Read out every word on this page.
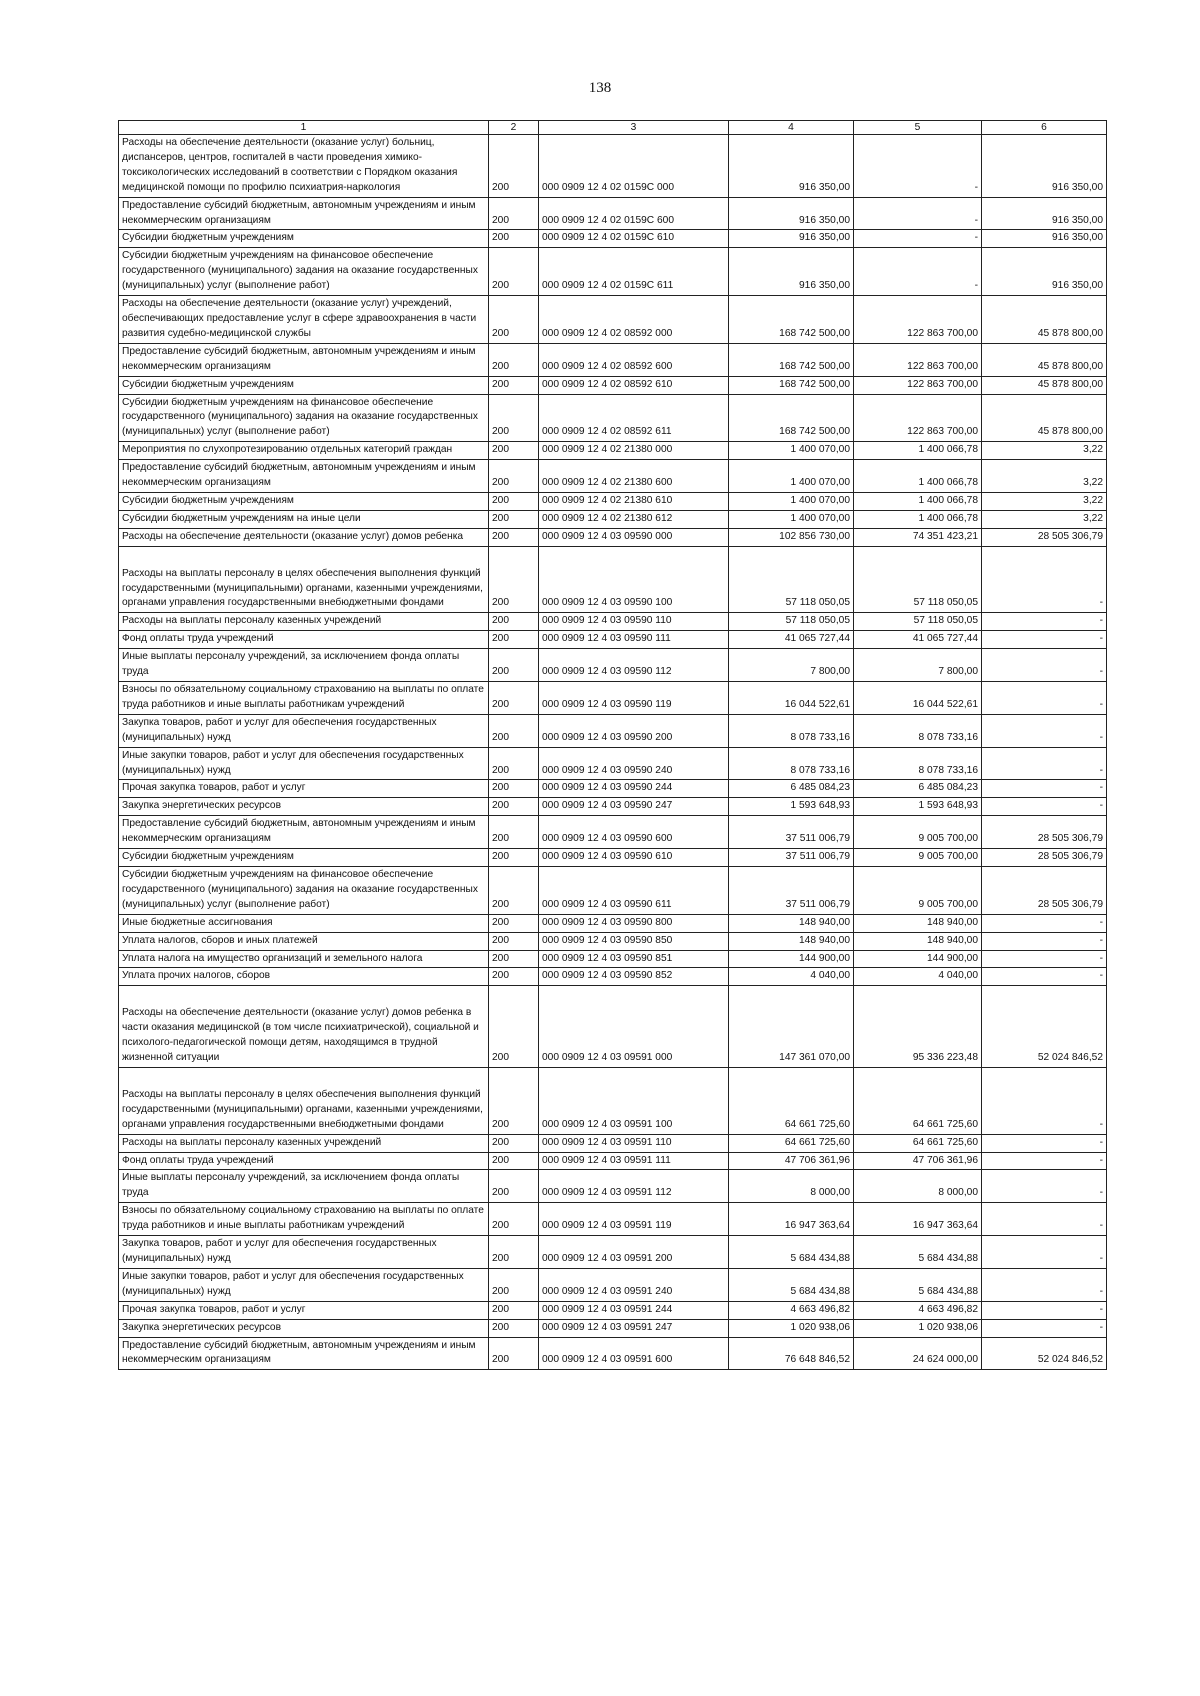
138
1	2	3	4	5	6
Расходы на обеспечение деятельности (оказание услуг) больниц, диспансеров, центров, госпиталей в части проведения химико-токсикологических исследований в соответствии с Порядком оказания медицинской помощи по профилю психиатрия-наркология	200	000 0909 12 4 02 0159C 000	916 350,00	-	916 350,00
Предоставление субсидий бюджетным, автономным учреждениям и иным некоммерческим организациям	200	000 0909 12 4 02 0159C 600	916 350,00	-	916 350,00
Субсидии бюджетным учреждениям	200	000 0909 12 4 02 0159C 610	916 350,00	-	916 350,00
Субсидии бюджетным учреждениям на финансовое обеспечение государственного (муниципального) задания на оказание государственных (муниципальных) услуг (выполнение работ)	200	000 0909 12 4 02 0159C 611	916 350,00	-	916 350,00
Расходы на обеспечение деятельности (оказание услуг) учреждений, обеспечивающих предоставление услуг в сфере здравоохранения в части развития судебно-медицинской службы	200	000 0909 12 4 02 08592 000	168 742 500,00	122 863 700,00	45 878 800,00
Предоставление субсидий бюджетным, автономным учреждениям и иным некоммерческим организациям	200	000 0909 12 4 02 08592 600	168 742 500,00	122 863 700,00	45 878 800,00
Субсидии бюджетным учреждениям	200	000 0909 12 4 02 08592 610	168 742 500,00	122 863 700,00	45 878 800,00
Субсидии бюджетным учреждениям на финансовое обеспечение государственного (муниципального) задания на оказание государственных (муниципальных) услуг (выполнение работ)	200	000 0909 12 4 02 08592 611	168 742 500,00	122 863 700,00	45 878 800,00
Мероприятия по слухопротезированию отдельных категорий граждан	200	000 0909 12 4 02 21380 000	1 400 070,00	1 400 066,78	3,22
Предоставление субсидий бюджетным, автономным учреждениям и иным некоммерческим организациям	200	000 0909 12 4 02 21380 600	1 400 070,00	1 400 066,78	3,22
Субсидии бюджетным учреждениям	200	000 0909 12 4 02 21380 610	1 400 070,00	1 400 066,78	3,22
Субсидии бюджетным учреждениям на иные цели	200	000 0909 12 4 02 21380 612	1 400 070,00	1 400 066,78	3,22
Расходы на обеспечение деятельности (оказание услуг) домов ребенка	200	000 0909 12 4 03 09590 000	102 856 730,00	74 351 423,21	28 505 306,79
Расходы на выплаты персоналу в целях обеспечения выполнения функций государственными (муниципальными) органами, казенными учреждениями, органами управления государственными внебюджетными фондами	200	000 0909 12 4 03 09590 100	57 118 050,05	57 118 050,05	-
Расходы на выплаты персоналу казенных учреждений	200	000 0909 12 4 03 09590 110	57 118 050,05	57 118 050,05	-
Фонд оплаты труда учреждений	200	000 0909 12 4 03 09590 111	41 065 727,44	41 065 727,44	-
Иные выплаты персоналу учреждений, за исключением фонда оплаты труда	200	000 0909 12 4 03 09590 112	7 800,00	7 800,00	-
Взносы по обязательному социальному страхованию на выплаты по оплате труда работников и иные выплаты работникам учреждений	200	000 0909 12 4 03 09590 119	16 044 522,61	16 044 522,61	-
Закупка товаров, работ и услуг для обеспечения государственных (муниципальных) нужд	200	000 0909 12 4 03 09590 200	8 078 733,16	8 078 733,16	-
Иные закупки товаров, работ и услуг для обеспечения государственных (муниципальных) нужд	200	000 0909 12 4 03 09590 240	8 078 733,16	8 078 733,16	-
Прочая закупка товаров, работ и услуг	200	000 0909 12 4 03 09590 244	6 485 084,23	6 485 084,23	-
Закупка энергетических ресурсов	200	000 0909 12 4 03 09590 247	1 593 648,93	1 593 648,93	-
Предоставление субсидий бюджетным, автономным учреждениям и иным некоммерческим организациям	200	000 0909 12 4 03 09590 600	37 511 006,79	9 005 700,00	28 505 306,79
Субсидии бюджетным учреждениям	200	000 0909 12 4 03 09590 610	37 511 006,79	9 005 700,00	28 505 306,79
Субсидии бюджетным учреждениям на финансовое обеспечение государственного (муниципального) задания на оказание государственных (муниципальных) услуг (выполнение работ)	200	000 0909 12 4 03 09590 611	37 511 006,79	9 005 700,00	28 505 306,79
Иные бюджетные ассигнования	200	000 0909 12 4 03 09590 800	148 940,00	148 940,00	-
Уплата налогов, сборов и иных платежей	200	000 0909 12 4 03 09590 850	148 940,00	148 940,00	-
Уплата налога на имущество организаций и земельного налога	200	000 0909 12 4 03 09590 851	144 900,00	144 900,00	-
Уплата прочих налогов, сборов	200	000 0909 12 4 03 09590 852	4 040,00	4 040,00	-
Расходы на обеспечение деятельности (оказание услуг) домов ребенка в части оказания медицинской (в том числе психиатрической), социальной и психолого-педагогической помощи детям, находящимся в трудной жизненной ситуации	200	000 0909 12 4 03 09591 000	147 361 070,00	95 336 223,48	52 024 846,52
Расходы на выплаты персоналу в целях обеспечения выполнения функций государственными (муниципальными) органами, казенными учреждениями, органами управления государственными внебюджетными фондами	200	000 0909 12 4 03 09591 100	64 661 725,60	64 661 725,60	-
Расходы на выплаты персоналу казенных учреждений	200	000 0909 12 4 03 09591 110	64 661 725,60	64 661 725,60	-
Фонд оплаты труда учреждений	200	000 0909 12 4 03 09591 111	47 706 361,96	47 706 361,96	-
Иные выплаты персоналу учреждений, за исключением фонда оплаты труда	200	000 0909 12 4 03 09591 112	8 000,00	8 000,00	-
Взносы по обязательному социальному страхованию на выплаты по оплате труда работников и иные выплаты работникам учреждений	200	000 0909 12 4 03 09591 119	16 947 363,64	16 947 363,64	-
Закупка товаров, работ и услуг для обеспечения государственных (муниципальных) нужд	200	000 0909 12 4 03 09591 200	5 684 434,88	5 684 434,88	-
Иные закупки товаров, работ и услуг для обеспечения государственных (муниципальных) нужд	200	000 0909 12 4 03 09591 240	5 684 434,88	5 684 434,88	-
Прочая закупка товаров, работ и услуг	200	000 0909 12 4 03 09591 244	4 663 496,82	4 663 496,82	-
Закупка энергетических ресурсов	200	000 0909 12 4 03 09591 247	1 020 938,06	1 020 938,06	-
Предоставление субсидий бюджетным, автономным учреждениям и иным некоммерческим организациям	200	000 0909 12 4 03 09591 600	76 648 846,52	24 624 000,00	52 024 846,52
